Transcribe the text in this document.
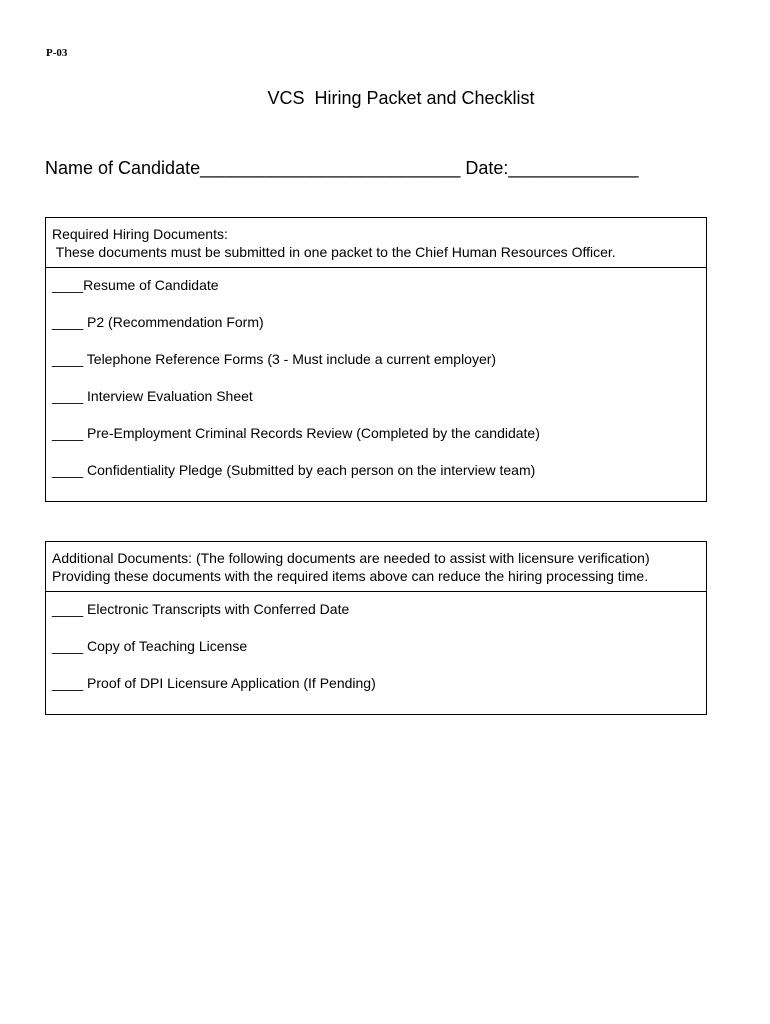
P-03
VCS  Hiring Packet and Checklist
Name of Candidate__________________________ Date:_____________
Required Hiring Documents:
These documents must be submitted in one packet to the Chief Human Resources Officer.
____Resume of Candidate
____ P2 (Recommendation Form)
____ Telephone Reference Forms (3 - Must include a current employer)
____ Interview Evaluation Sheet
____ Pre-Employment Criminal Records Review (Completed by the candidate)
____ Confidentiality Pledge (Submitted by each person on the interview team)
Additional Documents: (The following documents are needed to assist with licensure verification)
Providing these documents with the required items above can reduce the hiring processing time.
____ Electronic Transcripts with Conferred Date
____ Copy of Teaching License
____ Proof of DPI Licensure Application (If Pending)
